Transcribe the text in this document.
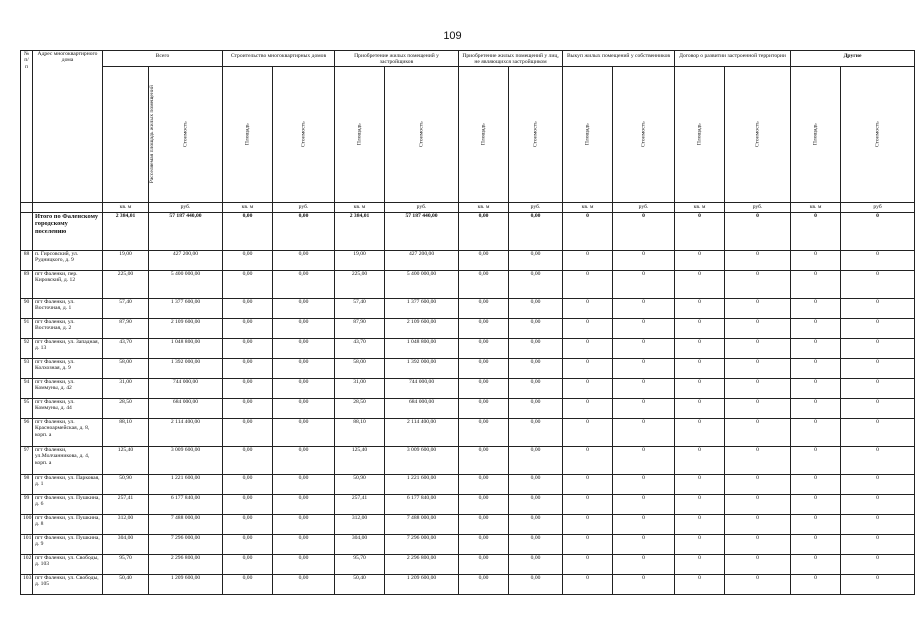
109
№ п/п	Адрес многоквартирного дома	Всего		Строительство многоквартирных домов		Приобретение жилых помещений у застройщиков		Приобретение жилых помещений у лиц, не являющихся застройщиком		Выкуп жилых помещений у собственников		Договор о развитии застроенной территории		Другие	

		Расселяемая площадь жилых помещений	Стоимость	Площадь	Стоимость	Площадь	Стоимость	Площадь	Стоимость	Площадь	Стоимость	Площадь	Стоимость	Площадь	Стоимость
		кв. м	руб.	кв. м	руб.	кв. м	руб.	кв. м	руб.	кв. м	руб.	кв. м	руб.	кв. м	руб
	Итого по Фаленскому городскому поселению	2 384,01	57 187 440,00	0,00	0,00	2 384,01	57 187 440,00	0,00	0,00	0	0	0	0	0	0
88	п. Гирсовский, ул. Рудницкого, д. 9	19,00	427 200,00	0,00	0,00	19,00	427 200,00	0,00	0,00	0	0	0	0	0	0
89	пгт Фаленки, пер. Кировский, д. 12	225,00	5 400 000,00	0,00	0,00	225,00	5 400 000,00	0,00	0,00	0	0	0	0	0	0
90	пгт Фаленки, ул. Восточная, д. 1	57,40	1 377 600,00	0,00	0,00	57,40	1 377 600,00	0,00	0,00	0	0	0	0	0	0
91	пгт Фаленки, ул. Восточная, д. 2	87,90	2 109 600,00	0,00	0,00	87,90	2 109 600,00	0,00	0,00	0	0	0	0	0	0
92	пгт Фаленки, ул. Западная, д. 13	43,70	1 048 800,00	0,00	0,00	43,70	1 048 800,00	0,00	0,00	0	0	0	0	0	0
93	пгт Фаленки, ул. Колхозная, д. 9	58,00	1 392 000,00	0,00	0,00	58,00	1 392 000,00	0,00	0,00	0	0	0	0	0	0
94	пгт Фаленки, ул. Коммуны, д. 42	31,00	744 000,00	0,00	0,00	31,00	744 000,00	0,00	0,00	0	0	0	0	0	0
95	пгт Фаленки, ул. Коммуны, д. 44	28,50	684 000,00	0,00	0,00	28,50	684 000,00	0,00	0,00	0	0	0	0	0	0
96	пгт Фаленки, ул. Красноармейская, д. 8, корп. а	88,10	2 114 400,00	0,00	0,00	88,10	2 114 400,00	0,00	0,00	0	0	0	0	0	0
97	пгт Фаленки, ул.Молчанникова, д. 4, корп. а	125,40	3 009 600,00	0,00	0,00	125,40	3 009 600,00	0,00	0,00	0	0	0	0	0	0
98	пгт Фаленки, ул. Парковая, д. 1	50,90	1 221 600,00	0,00	0,00	50,90	1 221 600,00	0,00	0,00	0	0	0	0	0	0
99	пгт Фаленки, ул. Пушкина, д. 6	257,41	6 177 840,00	0,00	0,00	257,41	6 177 840,00	0,00	0,00	0	0	0	0	0	0
100	пгт Фаленки, ул. Пушкина, д. 8	312,00	7 488 000,00	0,00	0,00	312,00	7 488 000,00	0,00	0,00	0	0	0	0	0	0
101	пгт Фаленки, ул. Пушкина, д. 9	304,00	7 296 000,00	0,00	0,00	304,00	7 296 000,00	0,00	0,00	0	0	0	0	0	0
102	пгт Фаленки, ул. Свободы, д. 103	95,70	2 296 800,00	0,00	0,00	95,70	2 296 800,00	0,00	0,00	0	0	0	0	0	0
103	пгт Фаленки, ул. Свободы, д. 105	50,40	1 209 600,00	0,00	0,00	50,40	1 209 600,00	0,00	0,00	0	0	0	0	0	0
